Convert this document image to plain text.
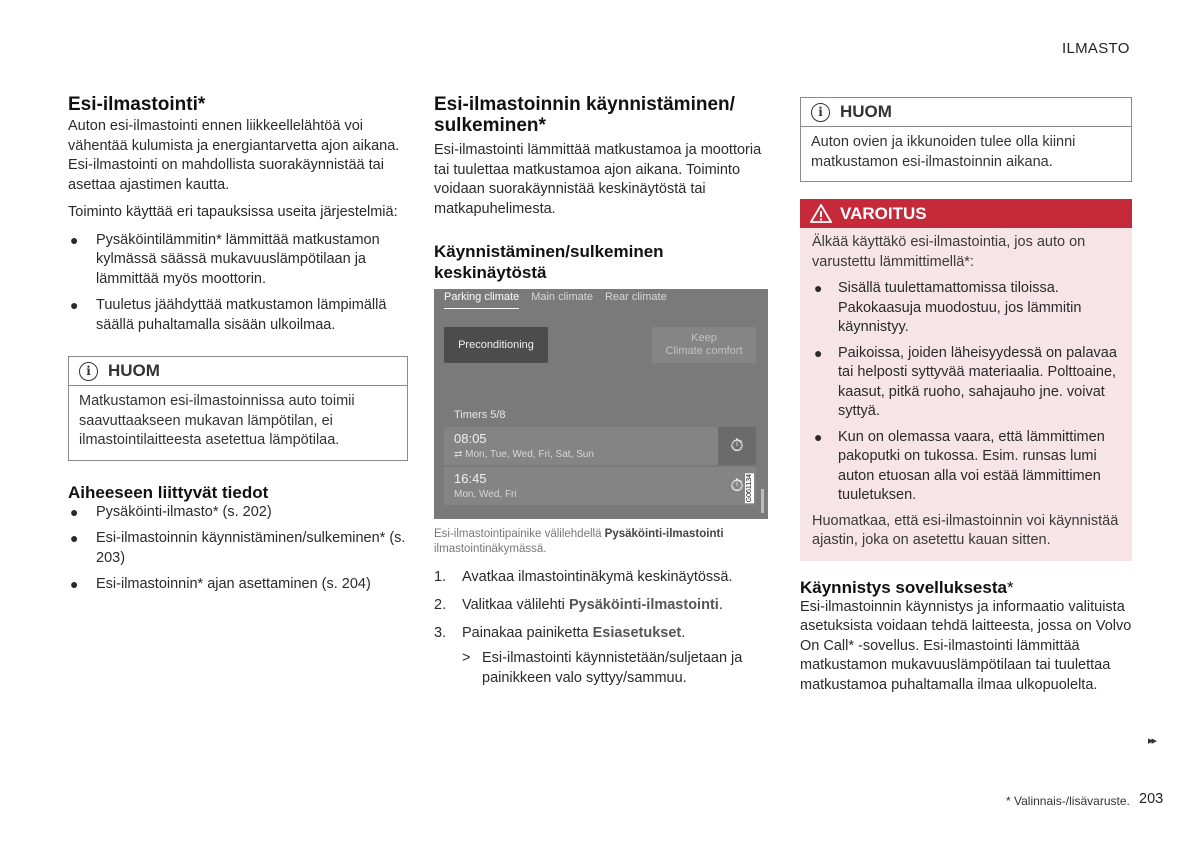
ILMASTO
Esi-ilmastointi*

Auton esi-ilmastointi ennen liikkeellelähtöä voi vähentää kulumista ja energiantarvetta ajon aikana.

Esi-ilmastointi on mahdollista suorakäynnistää tai asettaa ajastimen kautta.

Toiminto käyttää eri tapauksissa useita järjestelmiä:

● Pysäköintilämmitin* lämmittää matkustamon kylmässä säässä mukavuuslämpötilaan ja lämmittää myös moottorin.
● Tuuletus jäähdyttää matkustamon lämpimällä säällä puhaltamalla sisään ulkoilmaa.
i	HUOM
Matkustamon esi-ilmastoinnissa auto toimii saavuttaakseen mukavan lämpötilan, ei ilmastointilaitteesta asetettua lämpötilaa.
Aiheeseen liittyvät tiedot
● Pysäköinti-ilmasto* (s. 202)
● Esi-ilmastoinnin käynnistäminen/sulkeminen* (s. 203)
● Esi-ilmastoinnin* ajan asettaminen (s. 204)
Esi-ilmastoinnin käynnistäminen/ sulkeminen*

Esi-ilmastointi lämmittää matkustamoa ja moottoria tai tuulettaa matkustamoa ajon aikana. Toiminto voidaan suorakäynnistää keskinäytöstä tai matkapuhelimesta.

Käynnistäminen/sulkeminen keskinäytöstä
Parking climate Main climate Rear climate
Preconditioning
Keep
Climate comfort
Timers 5/8
08:05
⇄ Mon, Tue, Wed, Fri, Sat, Sun	⏱
16:45
Mon, Wed, Fri	⏱ G061134
Esi-ilmastointipainike välilehdellä Pysäköinti-ilmastointi ilmastointinäkymässä.
1. Avatkaa ilmastointinäkymä keskinäytössä.
2. Valitkaa välilehti Pysäköinti-ilmastointi.
3. Painakaa painiketta Esiasetukset.
> Esi-ilmastointi käynnistetään/suljetaan ja painikkeen valo syttyy/sammuu.
i	HUOM
Auton ovien ja ikkunoiden tulee olla kiinni matkustamon esi-ilmastoinnin aikana.
VAROITUS

Älkää käyttäkö esi-ilmastointia, jos auto on varustettu lämmittimellä*:

● Sisällä tuulettamattomissa tiloissa. Pakokaasuja muodostuu, jos lämmitin käynnistyy.
● Paikoissa, joiden läheisyydessä on palavaa tai helposti syttyvää materiaalia. Polttoaine, kaasut, pitkä ruoho, sahajauho jne. voivat syttyä.
● Kun on olemassa vaara, että lämmittimen pakoputki on tukossa. Esim. runsas lumi auton etuosan alla voi estää lämmittimen tuuletuksen.

Huomatkaa, että esi-ilmastoinnin voi käynnistää ajastin, joka on asetettu kauan sitten.

Käynnistys sovelluksesta*

Esi-ilmastoinnin käynnistys ja informaatio valituista asetuksista voidaan tehdä laitteesta, jossa on Volvo On Call* -sovellus. Esi-ilmastointi lämmittää matkustamon mukavuuslämpötilaan tai tuulettaa matkustamoa puhaltamalla ilmaa ulkopuolelta.

▸▸
* Valinnais-/lisävaruste. 203
